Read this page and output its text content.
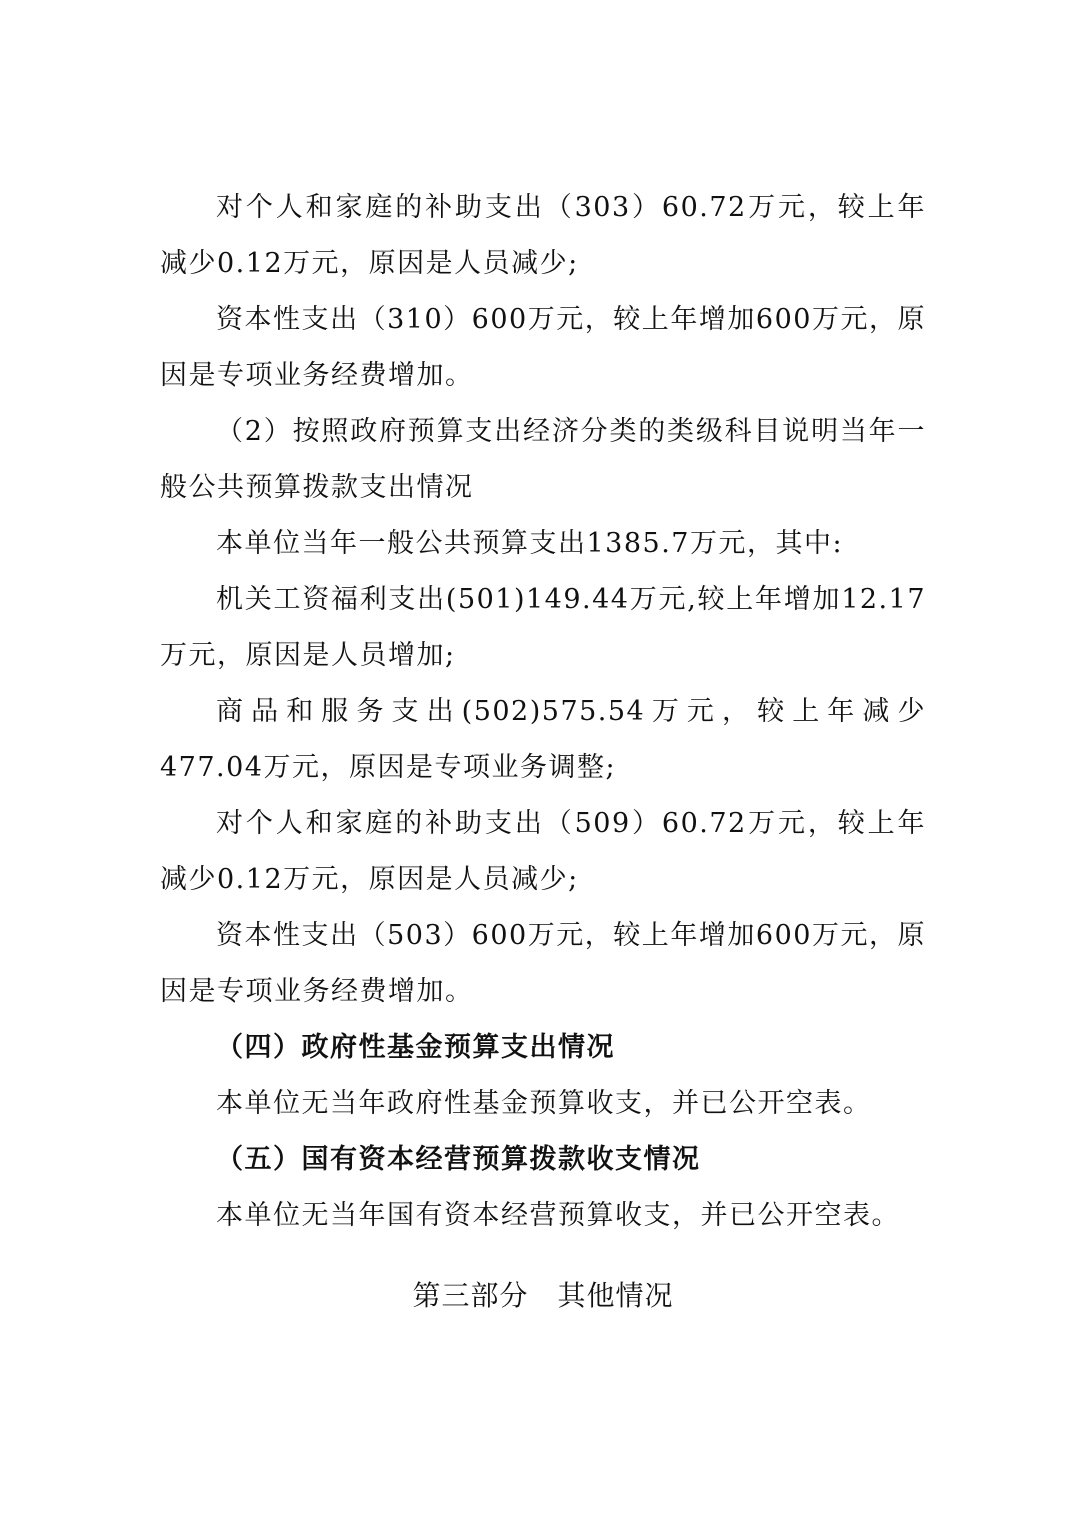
对个人和家庭的补助支出（303）60.72万元，较上年减少0.12万元，原因是人员减少;

资本性支出（310）600万元，较上年增加600万元，原因是专项业务经费增加。

（2）按照政府预算支出经济分类的类级科目说明当年一般公共预算拨款支出情况

本单位当年一般公共预算支出1385.7万元，其中:

机关工资福利支出(501)149.44万元,较上年增加12.17万元，原因是人员增加;

商品和服务支出(502)575.54万元，较上年减少477.04万元，原因是专项业务调整;

对个人和家庭的补助支出（509）60.72万元，较上年减少0.12万元，原因是人员减少;

资本性支出（503）600万元，较上年增加600万元，原因是专项业务经费增加。

（四）政府性基金预算支出情况

本单位无当年政府性基金预算收支，并已公开空表。

（五）国有资本经营预算拨款收支情况

本单位无当年国有资本经营预算收支，并已公开空表。

第三部分　其他情况
